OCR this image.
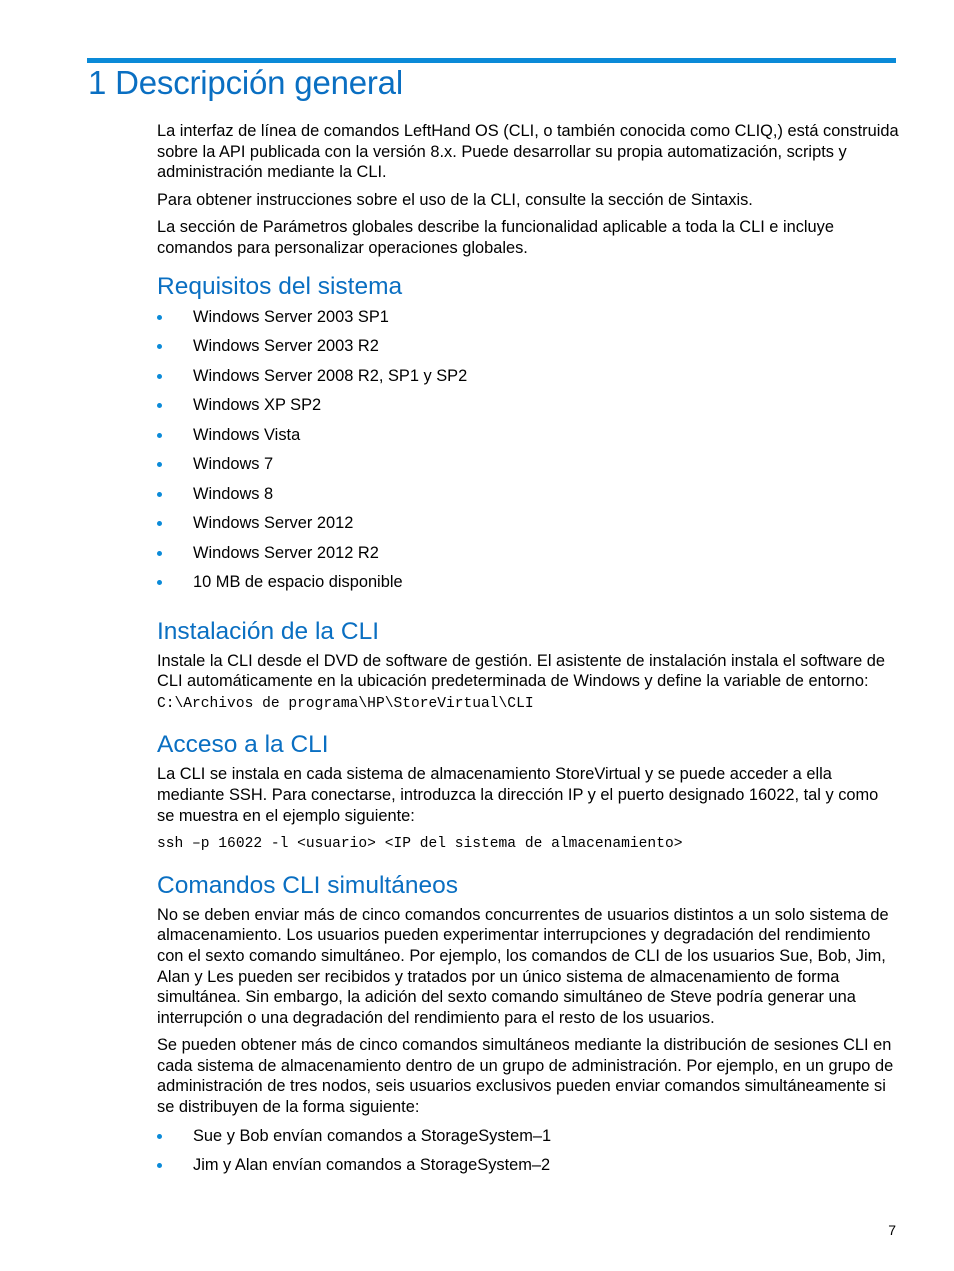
1 Descripción general

La interfaz de línea de comandos LeftHand OS (CLI, o también conocida como CLIQ,) está construida sobre la API publicada con la versión 8.x. Puede desarrollar su propia automatización, scripts y administración mediante la CLI.

Para obtener instrucciones sobre el uso de la CLI, consulte la sección de Sintaxis.

La sección de Parámetros globales describe la funcionalidad aplicable a toda la CLI e incluye comandos para personalizar operaciones globales.

Requisitos del sistema
Windows Server 2003 SP1
Windows Server 2003 R2
Windows Server 2008 R2, SP1 y SP2
Windows XP SP2
Windows Vista
Windows 7
Windows 8
Windows Server 2012
Windows Server 2012 R2
10 MB de espacio disponible
Instalación de la CLI

Instale la CLI desde el DVD de software de gestión. El asistente de instalación instala el software de CLI automáticamente en la ubicación predeterminada de Windows y define la variable de entorno: C:\Archivos de programa\HP\StoreVirtual\CLI

Acceso a la CLI

La CLI se instala en cada sistema de almacenamiento StoreVirtual y se puede acceder a ella mediante SSH. Para conectarse, introduzca la dirección IP y el puerto designado 16022, tal y como se muestra en el ejemplo siguiente:

ssh –p 16022 -l <usuario> <IP del sistema de almacenamiento>
Comandos CLI simultáneos

No se deben enviar más de cinco comandos concurrentes de usuarios distintos a un solo sistema de almacenamiento. Los usuarios pueden experimentar interrupciones y degradación del rendimiento con el sexto comando simultáneo. Por ejemplo, los comandos de CLI de los usuarios Sue, Bob, Jim, Alan y Les pueden ser recibidos y tratados por un único sistema de almacenamiento de forma simultánea. Sin embargo, la adición del sexto comando simultáneo de Steve podría generar una interrupción o una degradación del rendimiento para el resto de los usuarios.

Se pueden obtener más de cinco comandos simultáneos mediante la distribución de sesiones CLI en cada sistema de almacenamiento dentro de un grupo de administración. Por ejemplo, en un grupo de administración de tres nodos, seis usuarios exclusivos pueden enviar comandos simultáneamente si se distribuyen de la forma siguiente:

Sue y Bob envían comandos a StorageSystem–1
Jim y Alan envían comandos a StorageSystem–2
7
